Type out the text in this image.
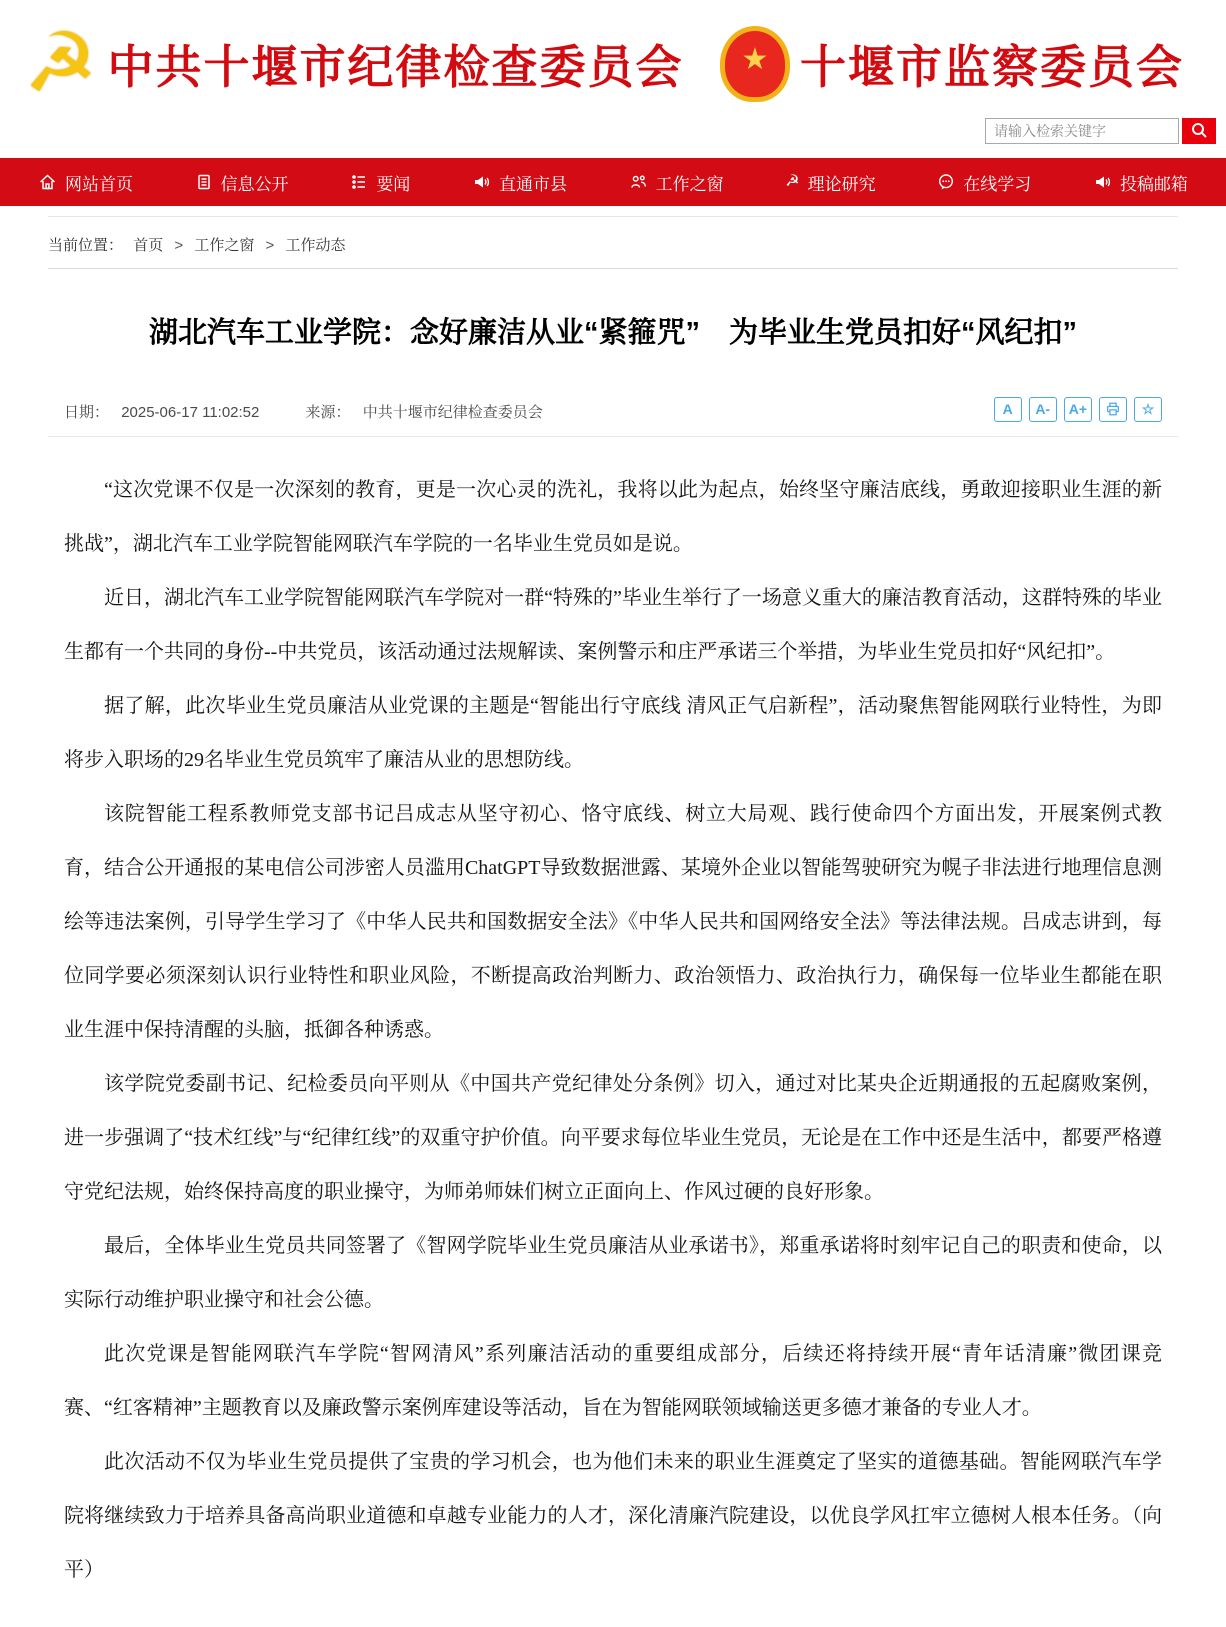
☭ 中共十堰市纪律检查委员会 ★ 十堰市监察委员会
请输入检索关键字
网站首页	信息公开	要闻	直通市县	工作之窗	☭ 理论研究	在线学习	投稿邮箱
当前位置： 首页 > 工作之窗 > 工作动态
湖北汽车工业学院：念好廉洁从业“紧箍咒”　为毕业生党员扣好“风纪扣”
日期： 2025-06-17 11:02:52	来源： 中共十堰市纪律检查委员会	A	A-	A+	☆

“这次党课不仅是一次深刻的教育，更是一次心灵的洗礼，我将以此为起点，始终坚守廉洁底线，勇敢迎接职业生涯的新挑战”，湖北汽车工业学院智能网联汽车学院的一名毕业生党员如是说。

近日，湖北汽车工业学院智能网联汽车学院对一群“特殊的”毕业生举行了一场意义重大的廉洁教育活动，这群特殊的毕业生都有一个共同的身份--中共党员，该活动通过法规解读、案例警示和庄严承诺三个举措，为毕业生党员扣好“风纪扣”。

据了解，此次毕业生党员廉洁从业党课的主题是“智能出行守底线 清风正气启新程”，活动聚焦智能网联行业特性，为即将步入职场的29名毕业生党员筑牢了廉洁从业的思想防线。

该院智能工程系教师党支部书记吕成志从坚守初心、恪守底线、树立大局观、践行使命四个方面出发，开展案例式教育，结合公开通报的某电信公司涉密人员滥用ChatGPT导致数据泄露、某境外企业以智能驾驶研究为幌子非法进行地理信息测绘等违法案例，引导学生学习了《中华人民共和国数据安全法》《中华人民共和国网络安全法》等法律法规。吕成志讲到，每位同学要必须深刻认识行业特性和职业风险，不断提高政治判断力、政治领悟力、政治执行力，确保每一位毕业生都能在职业生涯中保持清醒的头脑，抵御各种诱惑。

该学院党委副书记、纪检委员向平则从《中国共产党纪律处分条例》切入，通过对比某央企近期通报的五起腐败案例，进一步强调了“技术红线”与“纪律红线”的双重守护价值。向平要求每位毕业生党员，无论是在工作中还是生活中，都要严格遵守党纪法规，始终保持高度的职业操守，为师弟师妹们树立正面向上、作风过硬的良好形象。

最后，全体毕业生党员共同签署了《智网学院毕业生党员廉洁从业承诺书》，郑重承诺将时刻牢记自己的职责和使命，以实际行动维护职业操守和社会公德。

此次党课是智能网联汽车学院“智网清风”系列廉洁活动的重要组成部分，后续还将持续开展“青年话清廉”微团课竞赛、“红客精神”主题教育以及廉政警示案例库建设等活动，旨在为智能网联领域输送更多德才兼备的专业人才。

此次活动不仅为毕业生党员提供了宝贵的学习机会，也为他们未来的职业生涯奠定了坚实的道德基础。智能网联汽车学院将继续致力于培养具备高尚职业道德和卓越专业能力的人才，深化清廉汽院建设，以优良学风扛牢立德树人根本任务。（向平）
